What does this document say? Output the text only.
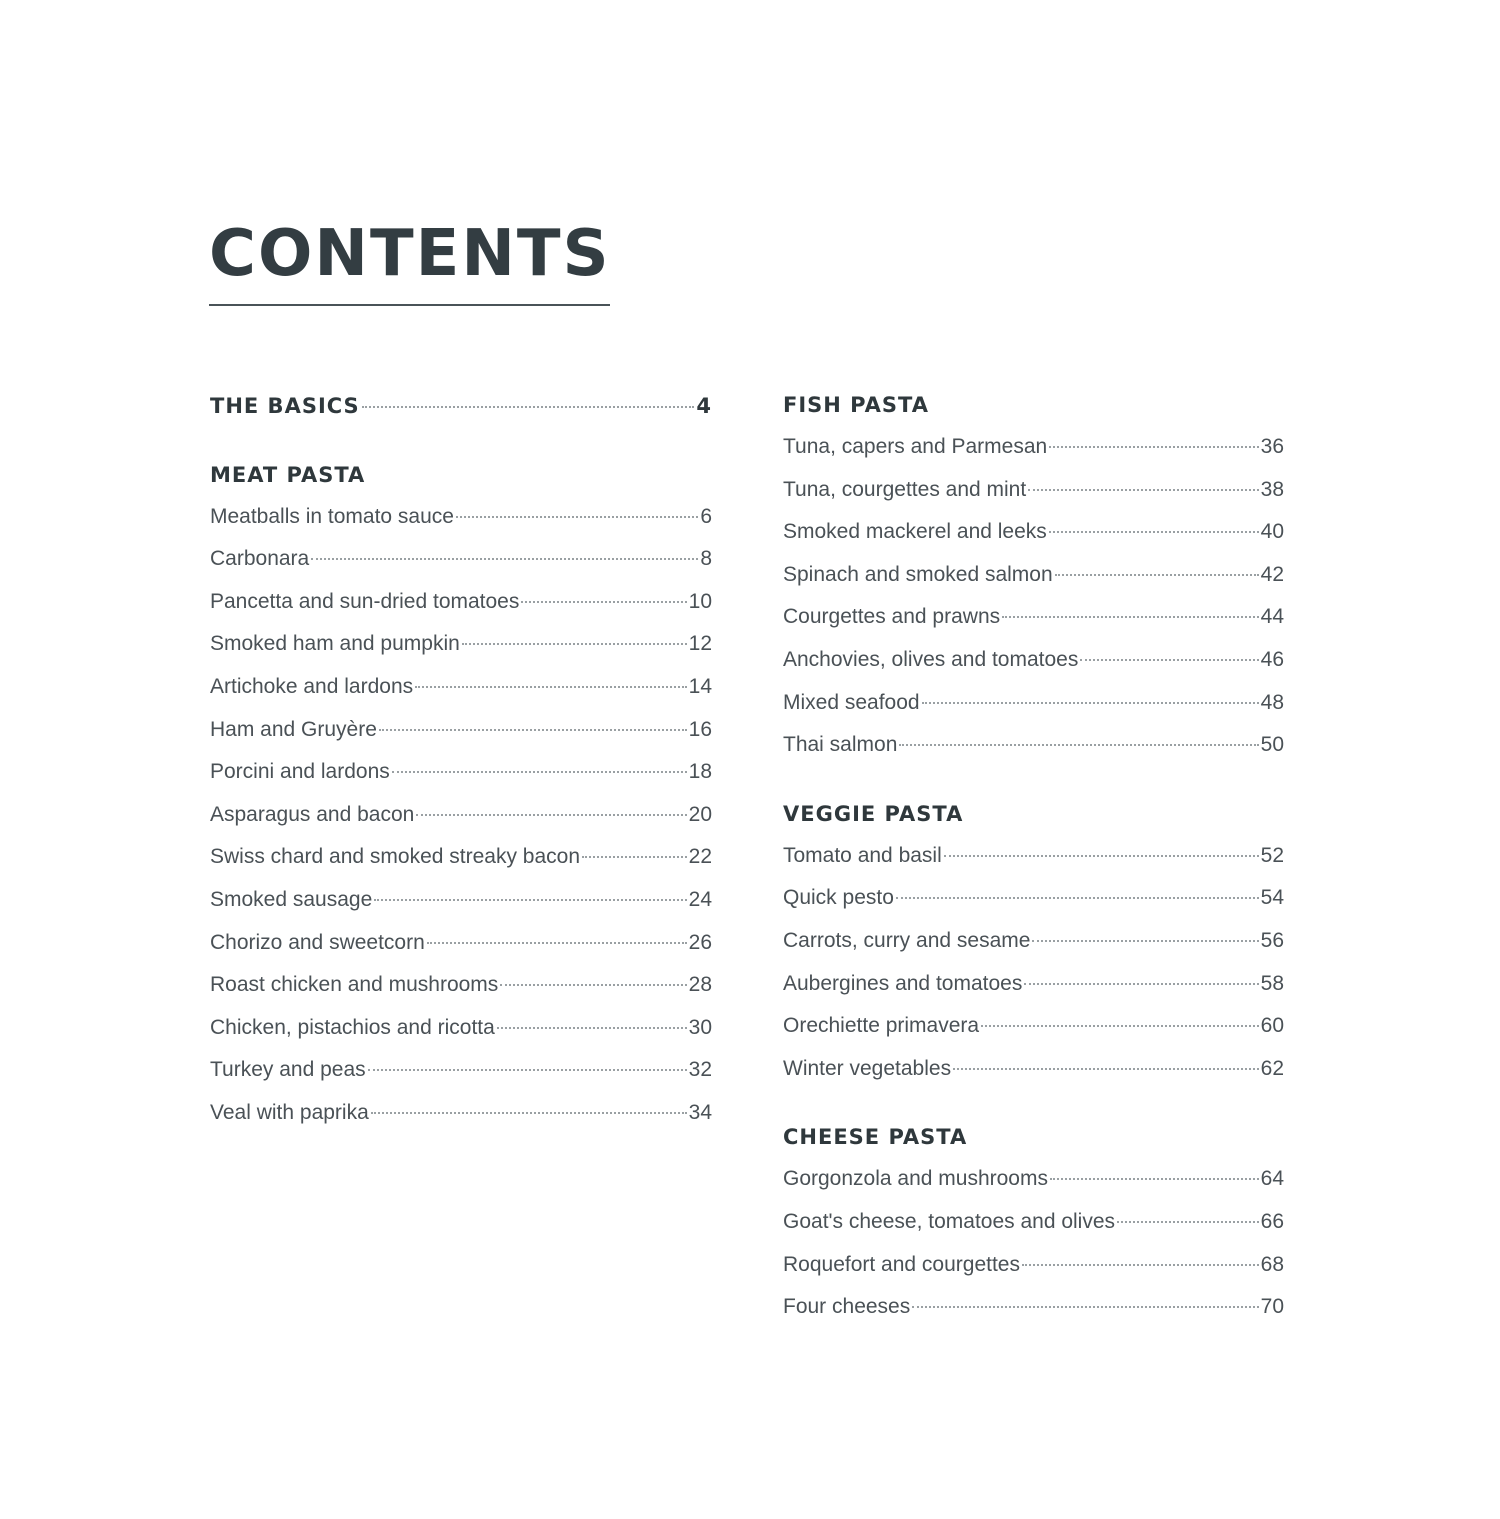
CONTENTS
THE BASICS	4
MEAT PASTA
Meatballs in tomato sauce	6
Carbonara	8
Pancetta and sun-dried tomatoes	10
Smoked ham and pumpkin	12
Artichoke and lardons	14
Ham and Gruyère	16
Porcini and lardons	18
Asparagus and bacon	20
Swiss chard and smoked streaky bacon	22
Smoked sausage	24
Chorizo and sweetcorn	26
Roast chicken and mushrooms	28
Chicken, pistachios and ricotta	30
Turkey and peas	32
Veal with paprika	34
FISH PASTA
Tuna, capers and Parmesan	36
Tuna, courgettes and mint	38
Smoked mackerel and leeks	40
Spinach and smoked salmon	42
Courgettes and prawns	44
Anchovies, olives and tomatoes	46
Mixed seafood	48
Thai salmon	50
VEGGIE PASTA
Tomato and basil	52
Quick pesto	54
Carrots, curry and sesame	56
Aubergines and tomatoes	58
Orechiette primavera	60
Winter vegetables	62
CHEESE PASTA
Gorgonzola and mushrooms	64
Goat's cheese, tomatoes and olives	66
Roquefort and courgettes	68
Four cheeses	70
